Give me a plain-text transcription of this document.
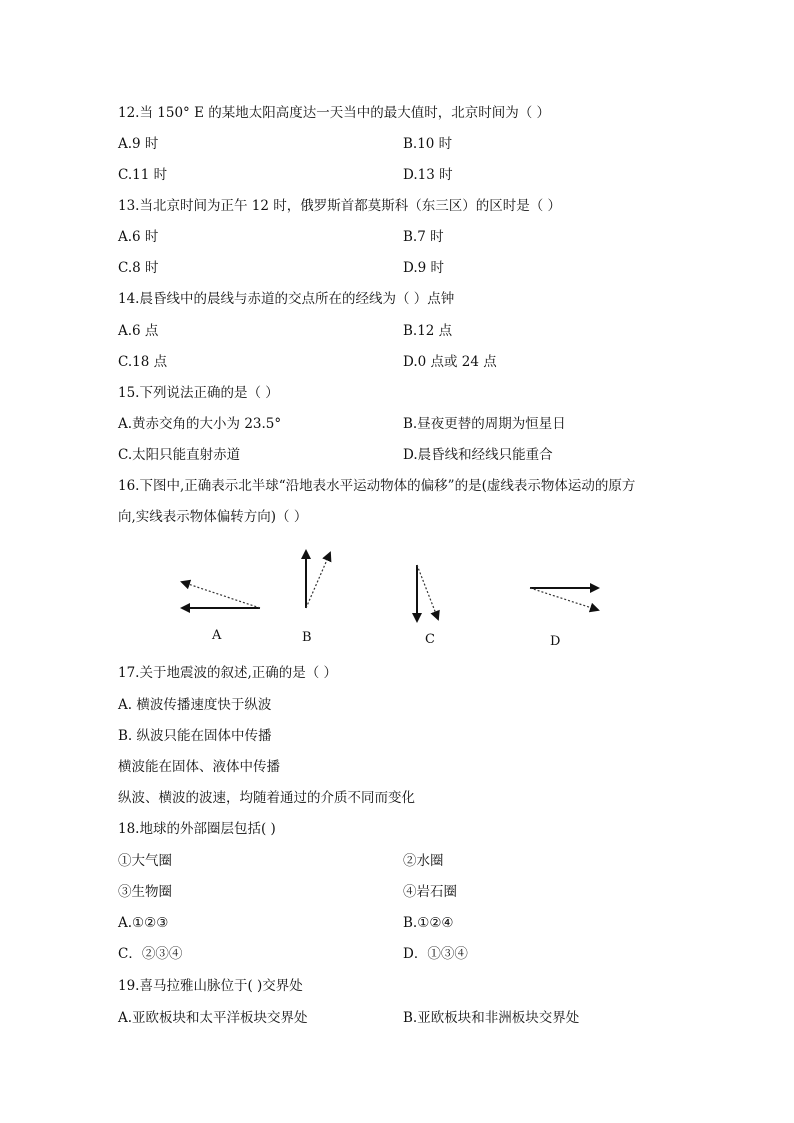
12.当 150° E 的某地太阳高度达一天当中的最大值时，北京时间为（ ）
A.9 时	B.10 时
C.11 时	D.13 时
13.当北京时间为正午 12 时，俄罗斯首都莫斯科（东三区）的区时是（ ）
A.6 时	B.7 时
C.8 时	D.9 时
14.晨昏线中的晨线与赤道的交点所在的经线为（ ）点钟
A.6 点	B.12 点
C.18 点	D.0 点或 24 点
15.下列说法正确的是（ ）
A.黄赤交角的大小为 23.5°	B.昼夜更替的周期为恒星日
C.太阳只能直射赤道	D.晨昏线和经线只能重合
16.下图中,正确表示北半球“沿地表水平运动物体的偏移”的是(虚线表示物体运动的原方
向,实线表示物体偏转方向)（ ）
A	B	C	D
17.关于地震波的叙述,正确的是（ ）
A. 横波传播速度快于纵波
B. 纵波只能在固体中传播
横波能在固体、液体中传播
纵波、横波的波速，均随着通过的介质不同而变化
18.地球的外部圈层包括( )
①大气圈	②水圈
③生物圈	④岩石圈
A.①②③	B.①②④
C．②③④	D．①③④
19.喜马拉雅山脉位于( )交界处
A.亚欧板块和太平洋板块交界处	B.亚欧板块和非洲板块交界处
